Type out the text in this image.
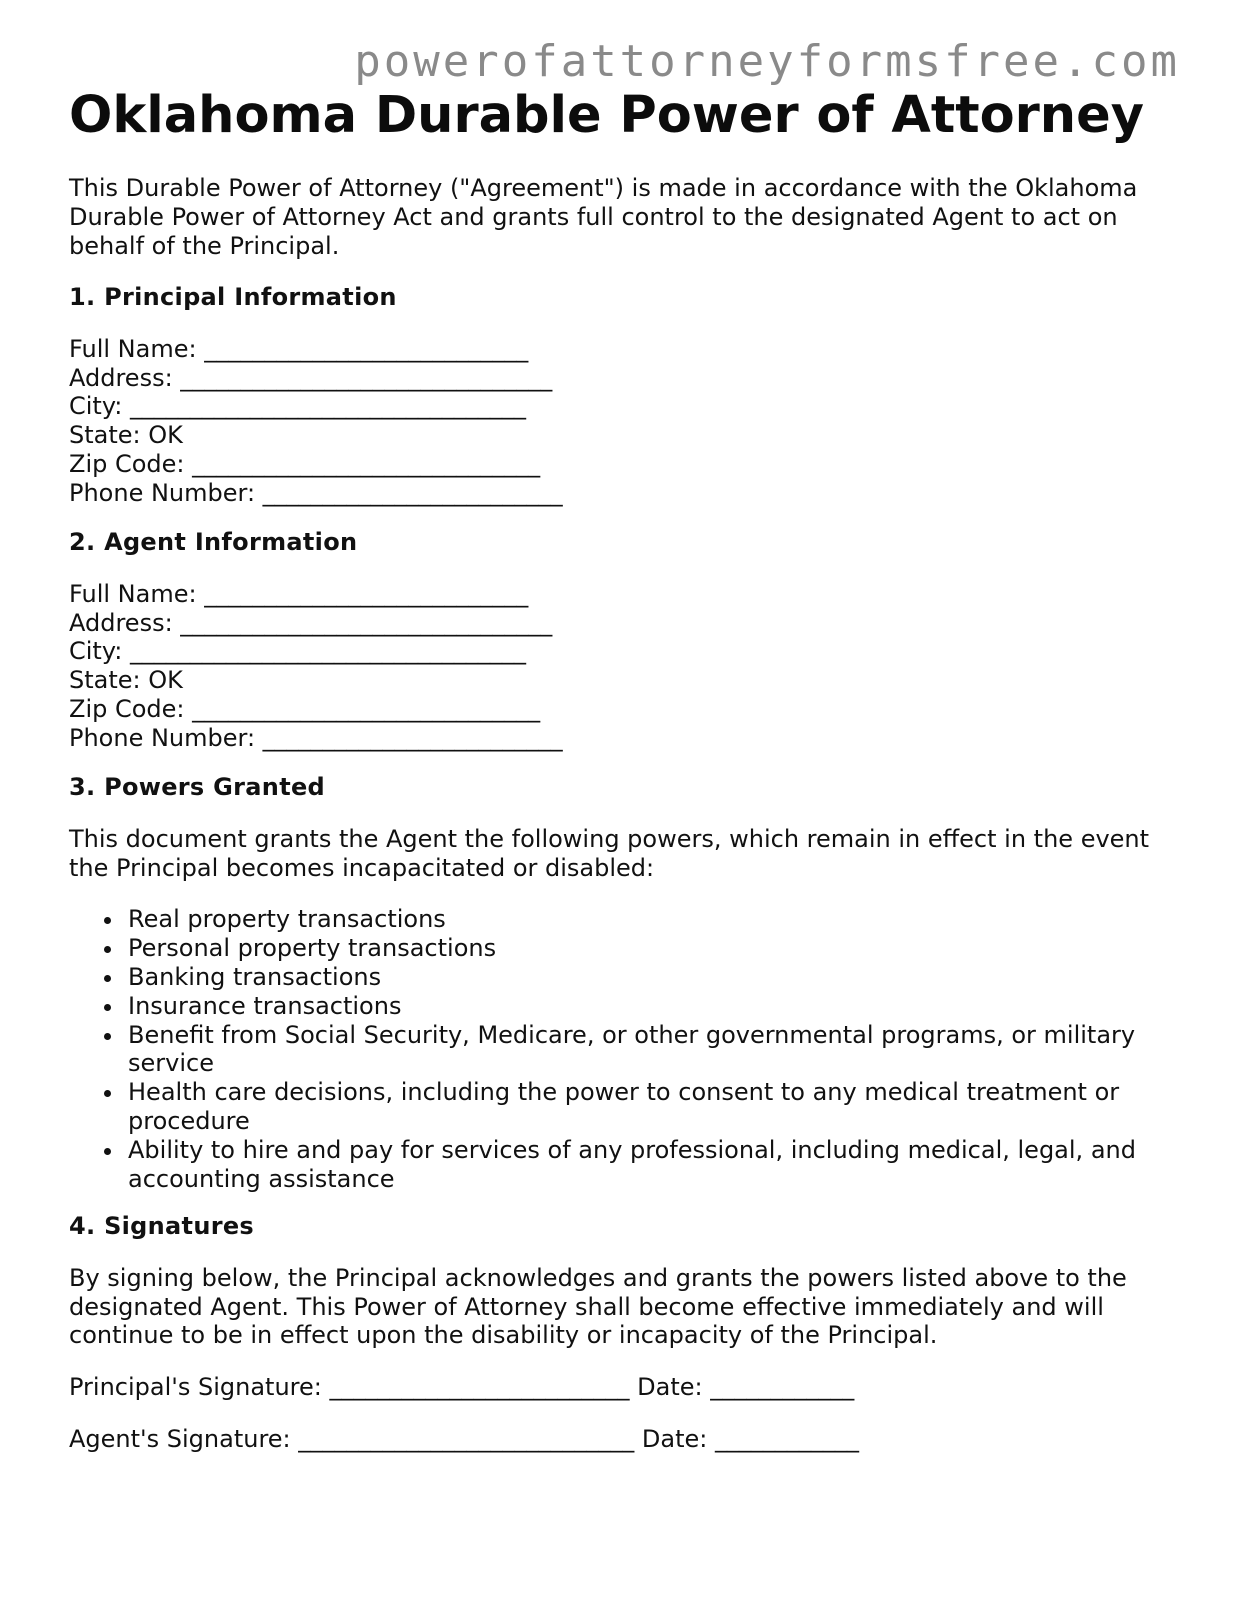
powerofattorneyformsfree.com
Oklahoma Durable Power of Attorney

This Durable Power of Attorney ("Agreement") is made in accordance with the Oklahoma Durable Power of Attorney Act and grants full control to the designated Agent to act on behalf of the Principal.

1. Principal Information
Full Name: ___________________________
Address: _______________________________
City: _________________________________
State: OK
Zip Code: _____________________________
Phone Number: _________________________
2. Agent Information
Full Name: ___________________________
Address: _______________________________
City: _________________________________
State: OK
Zip Code: _____________________________
Phone Number: _________________________
3. Powers Granted

This document grants the Agent the following powers, which remain in effect in the event the Principal becomes incapacitated or disabled:

Real property transactions
Personal property transactions
Banking transactions
Insurance transactions
Benefit from Social Security, Medicare, or other governmental programs, or military service
Health care decisions, including the power to consent to any medical treatment or procedure
Ability to hire and pay for services of any professional, including medical, legal, and accounting assistance
4. Signatures

By signing below, the Principal acknowledges and grants the powers listed above to the designated Agent. This Power of Attorney shall become effective immediately and will continue to be in effect upon the disability or incapacity of the Principal.

Principal's Signature: _________________________ Date: ____________
Agent's Signature: ____________________________ Date: ____________
